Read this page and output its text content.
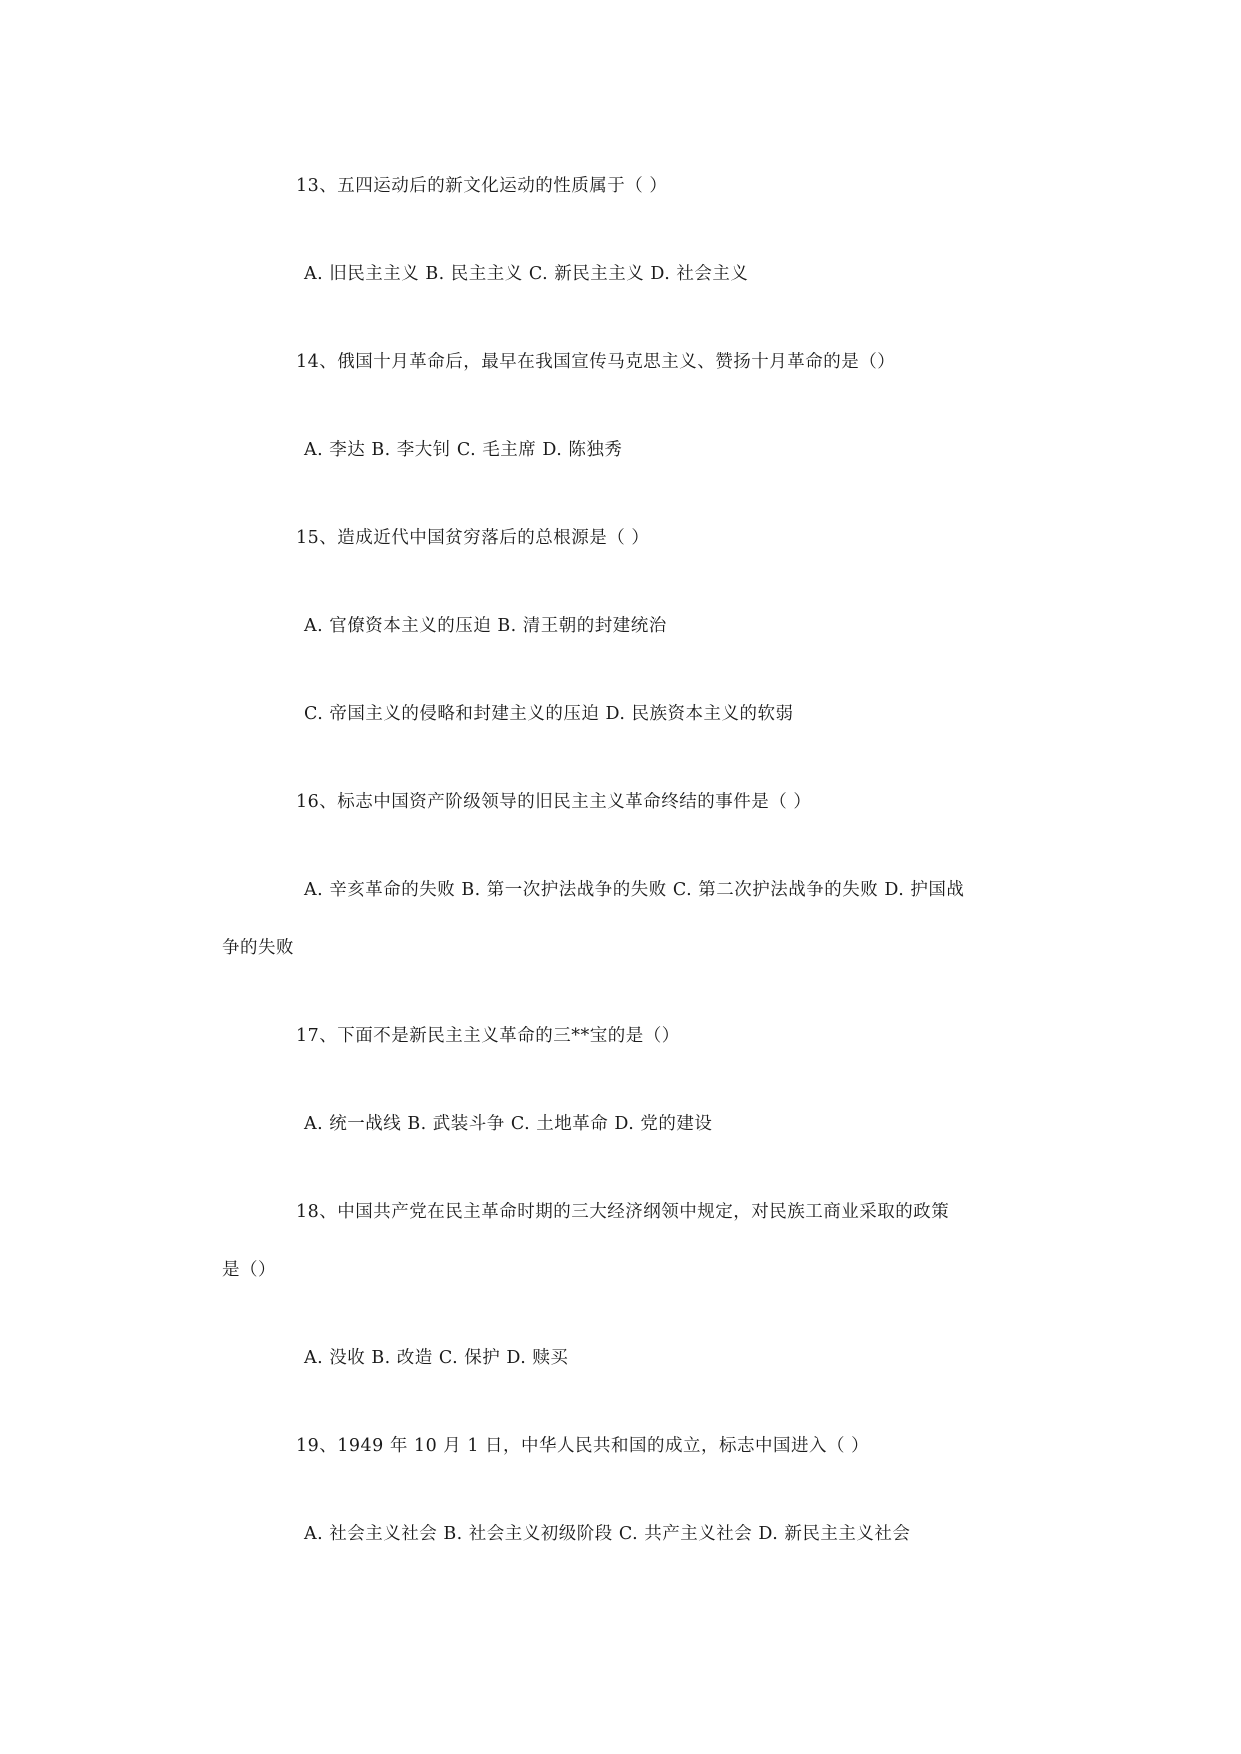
13、五四运动后的新文化运动的性质属于（ ）
A. 旧民主主义 B. 民主主义 C. 新民主主义 D. 社会主义
14、俄国十月革命后，最早在我国宣传马克思主义、赞扬十月革命的是（）
A. 李达 B. 李大钊 C. 毛主席 D. 陈独秀
15、造成近代中国贫穷落后的总根源是（ ）
A. 官僚资本主义的压迫 B. 清王朝的封建统治
C. 帝国主义的侵略和封建主义的压迫 D. 民族资本主义的软弱
16、标志中国资产阶级领导的旧民主主义革命终结的事件是（ ）
A. 辛亥革命的失败 B. 第一次护法战争的失败 C. 第二次护法战争的失败 D. 护国战
争的失败
17、下面不是新民主主义革命的三**宝的是（）
A. 统一战线 B. 武装斗争 C. 土地革命 D. 党的建设
18、中国共产党在民主革命时期的三大经济纲领中规定，对民族工商业采取的政策
是（）
A. 没收 B. 改造 C. 保护 D. 赎买
19、1949 年 10 月 1 日，中华人民共和国的成立，标志中国进入（ ）
A. 社会主义社会 B. 社会主义初级阶段 C. 共产主义社会 D. 新民主主义社会
